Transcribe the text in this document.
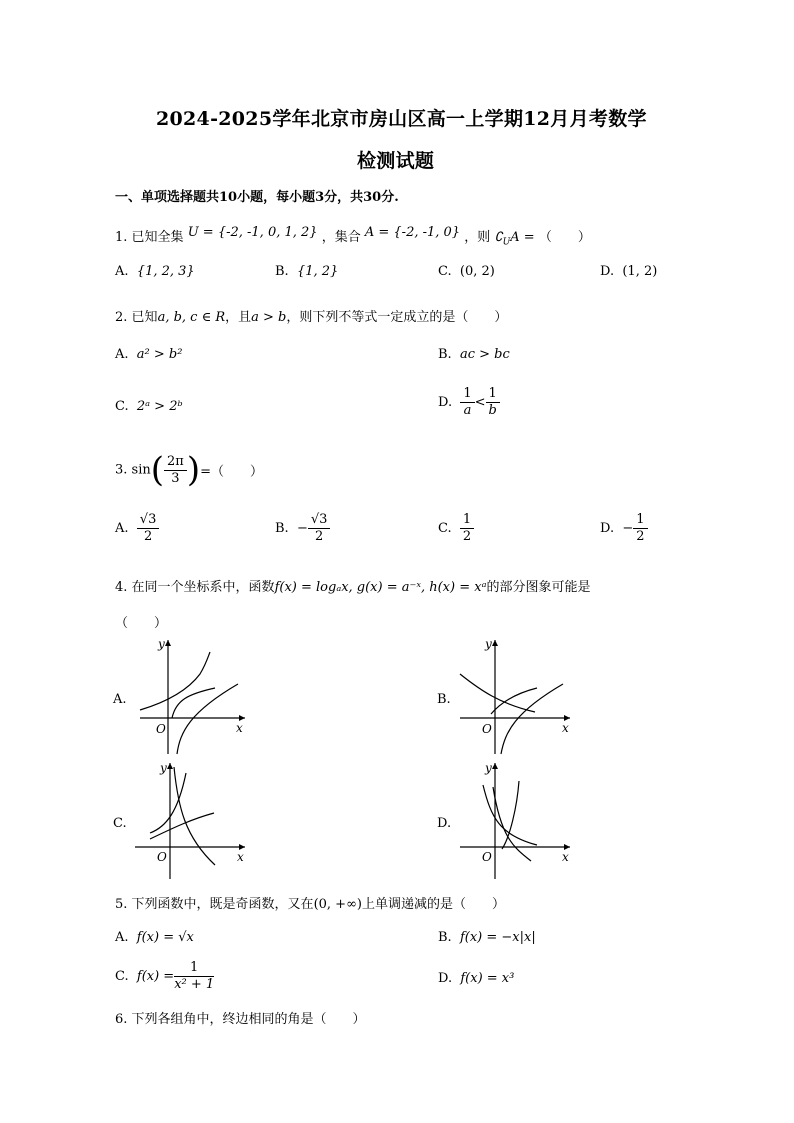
2024-2025学年北京市房山区高一上学期12月月考数学
检测试题
一、单项选择题共10小题，每小题3分，共30分.
1. 已知全集 U = {-2, -1, 0, 1, 2} ，集合 A = {-2, -1, 0} ，则 $∁_UA$ = （　　）
A. {1, 2, 3}	B. {1, 2}	C. (0, 2)	D. (1, 2)
2. 已知a, b, c ∈ R，且a > b，则下列不等式一定成立的是（　　）
A. a² > b²	B. ac > bc
C. 2ᵃ > 2ᵇ	D. $\frac{1}{a} < \frac{1}{b}$
3. $\sin( \frac{2\pi}{3}$ )=（　　）
A. $\frac{√3}{2}$	B. − $\frac{√3}{2}$	C. $\frac{1}{2}$	D. − $\frac{1}{2}$
4. 在同一个坐标系中，函数f(x) = logₐx, g(x) = a⁻ˣ, h(x) = xᵃ的部分图象可能是
（　　）
A.
y
x
O
B.
y
x
O
C.
y
x
O
D.
y
x
O
5. 下列函数中，既是奇函数，又在(0, +∞)上单调递减的是（　　）
A. f(x) = √x	B. f(x) = −x|x|
C. $f(x) = \frac{1}{\text{x² + 1}}$	D. f(x) = x³
6. 下列各组角中，终边相同的角是（　　）
